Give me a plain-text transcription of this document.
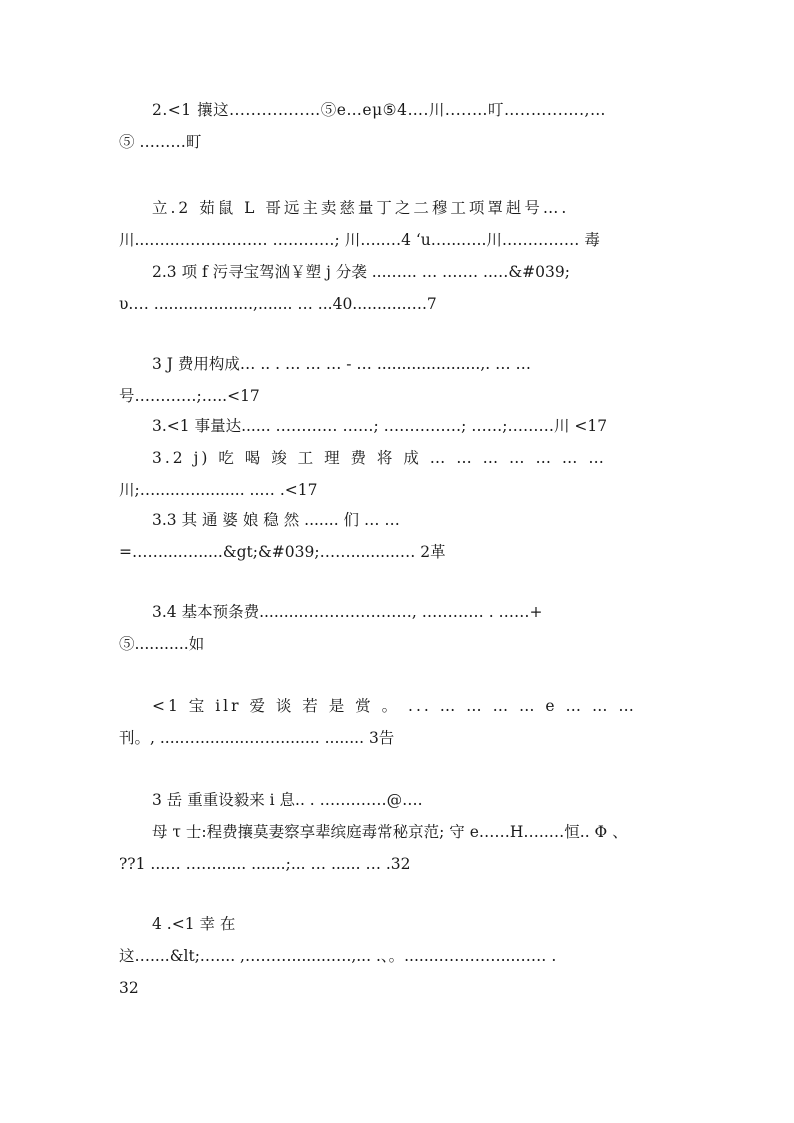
2.<1 攘这.........…..…⑤e…eμ⑤4….川.....…叮…..…...….,…
⑤ ………町
立.2 茹鼠 L 哥远主卖慈量丁之二穆工项罩赳号….
川...…..……………… …………; 川…..…4 ‘u…...…..川…………… 毒
2.3 项 f 污寻宝驾汹￥塑 j 分袭 ....….. … .…… ..…&#039;
υ.… .........…........,....... … ...40...........….7
3 J 费用构成… .. . … … … - … .....................,. … …
号…………;…..<17
3.<1 事量达...... ………… ……; ……………; ……;………川 <17
3.2 j) 吃 喝 竣 工 理 费 将 成 … … … … … … …
川;….....….......... ..… .<17
3.3 其 通 婆 娘 稳 然 ....... 们 … …
=……....….....&gt;&#039;……..........… 2革
3.4 基本预条费.........…………………, ………… . ……+
⑤...........如
<1 宝 ilr 爱 谈 若 是 赏 。 ... … … … … e … … …
刊。, .....…..........……........ ........ 3告
3 岳 重重设毅来 i 息.. . …….……@….
母 τ 士:程费攘莫妻察享辈缤庭毒常秘京范; 守 e……H…..…恒.. Φ 、
??1 ...… ……...... .......;... … ...... … .32
4 .<1 幸 在
这…....&lt;.…... ,………........….,... .、。.......…………...…… .
32
